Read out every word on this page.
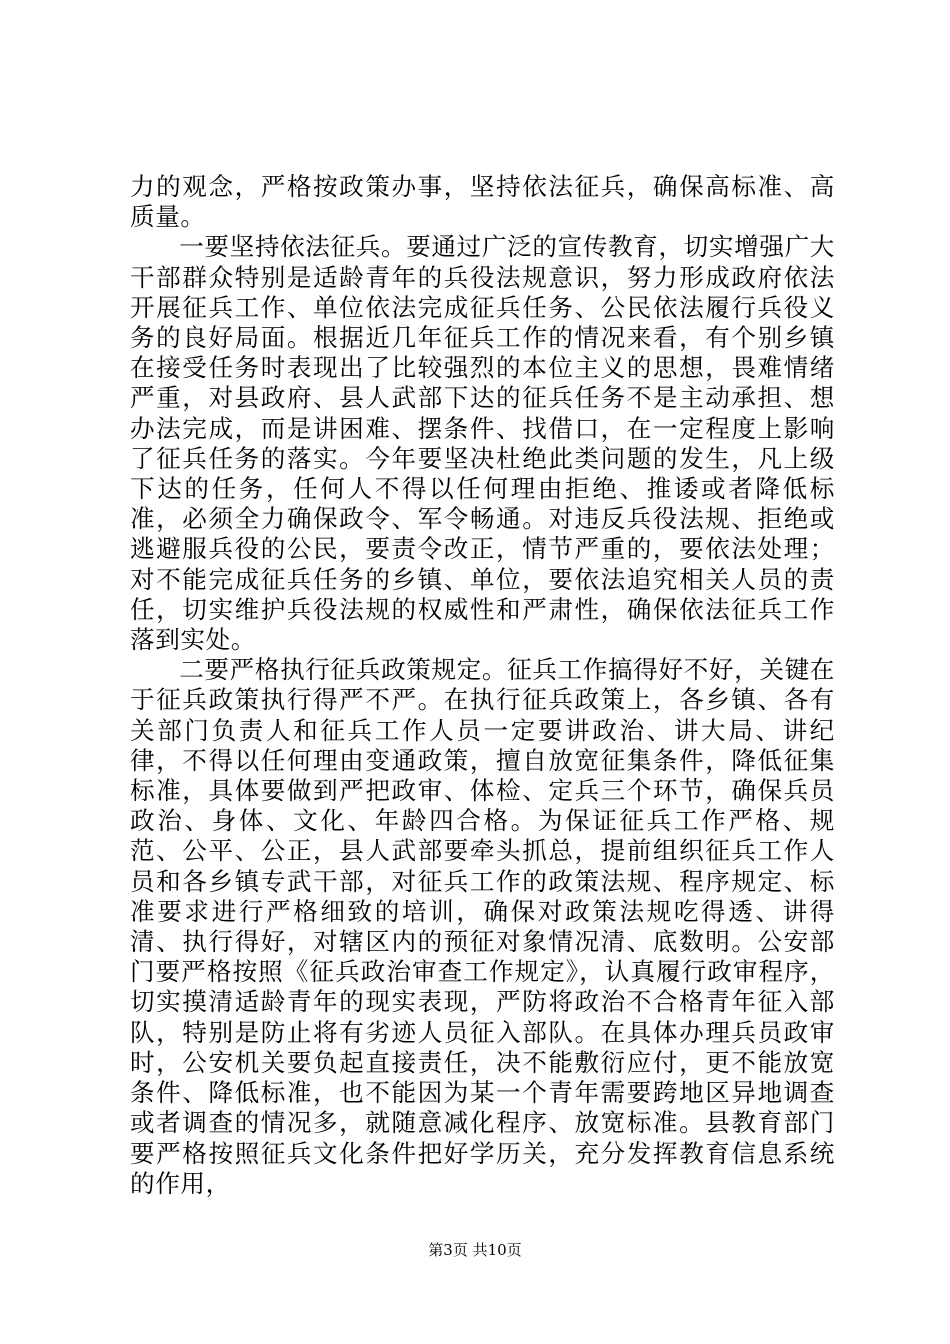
力的观念，严格按政策办事，坚持依法征兵，确保高标准、高质量。

一要坚持依法征兵。要通过广泛的宣传教育，切实增强广大干部群众特别是适龄青年的兵役法规意识，努力形成政府依法开展征兵工作、单位依法完成征兵任务、公民依法履行兵役义务的良好局面。根据近几年征兵工作的情况来看，有个别乡镇在接受任务时表现出了比较强烈的本位主义的思想，畏难情绪严重，对县政府、县人武部下达的征兵任务不是主动承担、想办法完成，而是讲困难、摆条件、找借口，在一定程度上影响了征兵任务的落实。今年要坚决杜绝此类问题的发生，凡上级下达的任务，任何人不得以任何理由拒绝、推诿或者降低标准，必须全力确保政令、军令畅通。对违反兵役法规、拒绝或逃避服兵役的公民，要责令改正，情节严重的，要依法处理；对不能完成征兵任务的乡镇、单位，要依法追究相关人员的责任，切实维护兵役法规的权威性和严肃性，确保依法征兵工作落到实处。

二要严格执行征兵政策规定。征兵工作搞得好不好，关键在于征兵政策执行得严不严。在执行征兵政策上，各乡镇、各有关部门负责人和征兵工作人员一定要讲政治、讲大局、讲纪律，不得以任何理由变通政策，擅自放宽征集条件，降低征集标准，具体要做到严把政审、体检、定兵三个环节，确保兵员政治、身体、文化、年龄四合格。为保证征兵工作严格、规范、公平、公正，县人武部要牵头抓总，提前组织征兵工作人员和各乡镇专武干部，对征兵工作的政策法规、程序规定、标准要求进行严格细致的培训，确保对政策法规吃得透、讲得清、执行得好，对辖区内的预征对象情况清、底数明。公安部门要严格按照《征兵政治审查工作规定》，认真履行政审程序，切实摸清适龄青年的现实表现，严防将政治不合格青年征入部队，特别是防止将有劣迹人员征入部队。在具体办理兵员政审时，公安机关要负起直接责任，决不能敷衍应付，更不能放宽条件、降低标准，也不能因为某一个青年需要跨地区异地调查或者调查的情况多，就随意减化程序、放宽标准。县教育部门要严格按照征兵文化条件把好学历关，充分发挥教育信息系统的作用，

第3页 共10页
